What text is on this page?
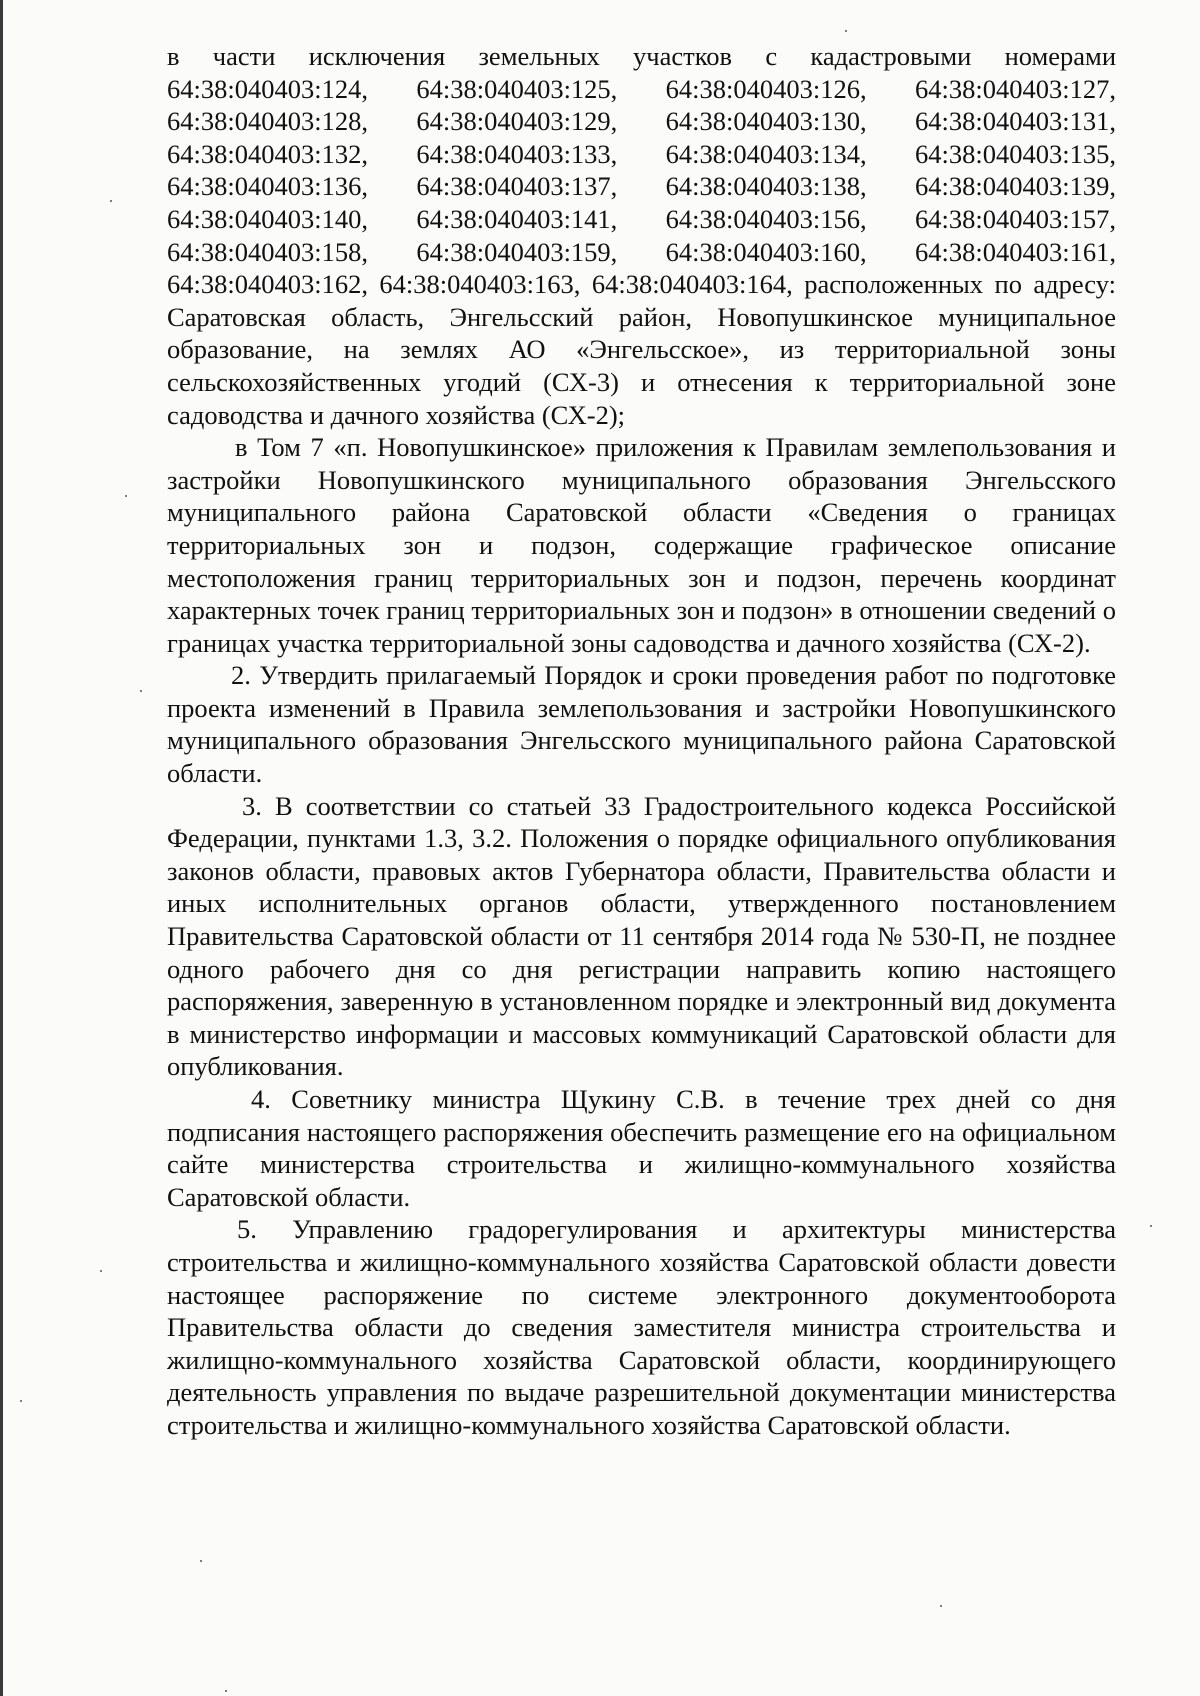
в части исключения земельных участков с кадастровыми номерами 64:38:040403:124, 64:38:040403:125, 64:38:040403:126, 64:38:040403:127, 64:38:040403:128, 64:38:040403:129, 64:38:040403:130, 64:38:040403:131, 64:38:040403:132, 64:38:040403:133, 64:38:040403:134, 64:38:040403:135, 64:38:040403:136, 64:38:040403:137, 64:38:040403:138, 64:38:040403:139, 64:38:040403:140, 64:38:040403:141, 64:38:040403:156, 64:38:040403:157, 64:38:040403:158, 64:38:040403:159, 64:38:040403:160, 64:38:040403:161, 64:38:040403:162, 64:38:040403:163, 64:38:040403:164, расположенных по адресу: Саратовская область, Энгельсский район, Новопушкинское муниципальное образование, на землях АО «Энгельсское», из территориальной зоны сельскохозяйственных угодий (СХ-3) и отнесения к территориальной зоне садоводства и дачного хозяйства (СХ-2);

в Том 7 «п. Новопушкинское» приложения к Правилам землепользования и застройки Новопушкинского муниципального образования Энгельсского муниципального района Саратовской области «Сведения о границах территориальных зон и подзон, содержащие графическое описание местоположения границ территориальных зон и подзон, перечень координат характерных точек границ территориальных зон и подзон» в отношении сведений о границах участка территориальной зоны садоводства и дачного хозяйства (СХ-2).

2. Утвердить прилагаемый Порядок и сроки проведения работ по подготовке проекта изменений в Правила землепользования и застройки Новопушкинского муниципального образования Энгельсского муниципального района Саратовской области.

3. В соответствии со статьей 33 Градостроительного кодекса Российской Федерации, пунктами 1.3, 3.2. Положения о порядке официального опубликования законов области, правовых актов Губернатора области, Правительства области и иных исполнительных органов области, утвержденного постановлением Правительства Саратовской области от 11 сентября 2014 года № 530-П, не позднее одного рабочего дня со дня регистрации направить копию настоящего распоряжения, заверенную в установленном порядке и электронный вид документа в министерство информации и массовых коммуникаций Саратовской области для опубликования.

4. Советнику министра Щукину С.В. в течение трех дней со дня подписания настоящего распоряжения обеспечить размещение его на официальном сайте министерства строительства и жилищно-коммунального хозяйства Саратовской области.

5. Управлению градорегулирования и архитектуры министерства строительства и жилищно-коммунального хозяйства Саратовской области довести настоящее распоряжение по системе электронного документооборота Правительства области до сведения заместителя министра строительства и жилищно-коммунального хозяйства Саратовской области, координирующего деятельность управления по выдаче разрешительной документации министерства строительства и жилищно-коммунального хозяйства Саратовской области.
